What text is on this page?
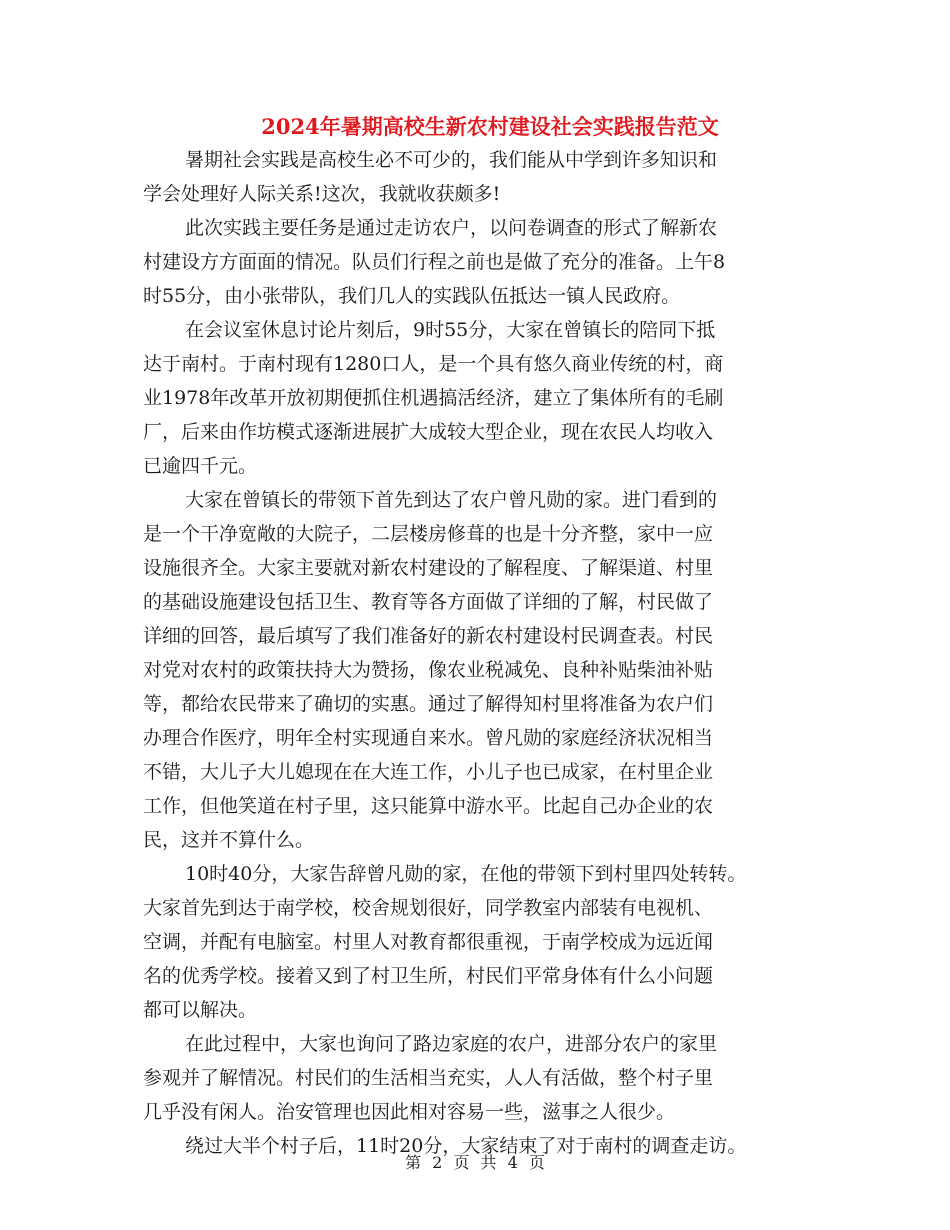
2024年暑期高校生新农村建设社会实践报告范文

暑期社会实践是高校生必不可少的，我们能从中学到许多知识和
学会处理好人际关系!这次，我就收获颇多!

此次实践主要任务是通过走访农户，以问卷调查的形式了解新农
村建设方方面面的情况。队员们行程之前也是做了充分的准备。上午8
时55分，由小张带队，我们几人的实践队伍抵达一镇人民政府。

在会议室休息讨论片刻后，9时55分，大家在曾镇长的陪同下抵
达于南村。于南村现有1280口人，是一个具有悠久商业传统的村，商
业1978年改革开放初期便抓住机遇搞活经济，建立了集体所有的毛刷
厂，后来由作坊模式逐渐进展扩大成较大型企业，现在农民人均收入
已逾四千元。

大家在曾镇长的带领下首先到达了农户曾凡勋的家。进门看到的
是一个干净宽敞的大院子，二层楼房修葺的也是十分齐整，家中一应
设施很齐全。大家主要就对新农村建设的了解程度、了解渠道、村里
的基础设施建设包括卫生、教育等各方面做了详细的了解，村民做了
详细的回答，最后填写了我们准备好的新农村建设村民调查表。村民
对党对农村的政策扶持大为赞扬，像农业税减免、良种补贴柴油补贴
等，都给农民带来了确切的实惠。通过了解得知村里将准备为农户们
办理合作医疗，明年全村实现通自来水。曾凡勋的家庭经济状况相当
不错，大儿子大儿媳现在在大连工作，小儿子也已成家，在村里企业
工作，但他笑道在村子里，这只能算中游水平。比起自己办企业的农
民，这并不算什么。

10时40分，大家告辞曾凡勋的家，在他的带领下到村里四处转转。
大家首先到达于南学校，校舍规划很好，同学教室内部装有电视机、
空调，并配有电脑室。村里人对教育都很重视，于南学校成为远近闻
名的优秀学校。接着又到了村卫生所，村民们平常身体有什么小问题
都可以解决。

在此过程中，大家也询问了路边家庭的农户，进部分农户的家里
参观并了解情况。村民们的生活相当充实，人人有活做，整个村子里
几乎没有闲人。治安管理也因此相对容易一些，滋事之人很少。

绕过大半个村子后，11时20分，大家结束了对于南村的调查走访。

第 2 页 共 4 页
